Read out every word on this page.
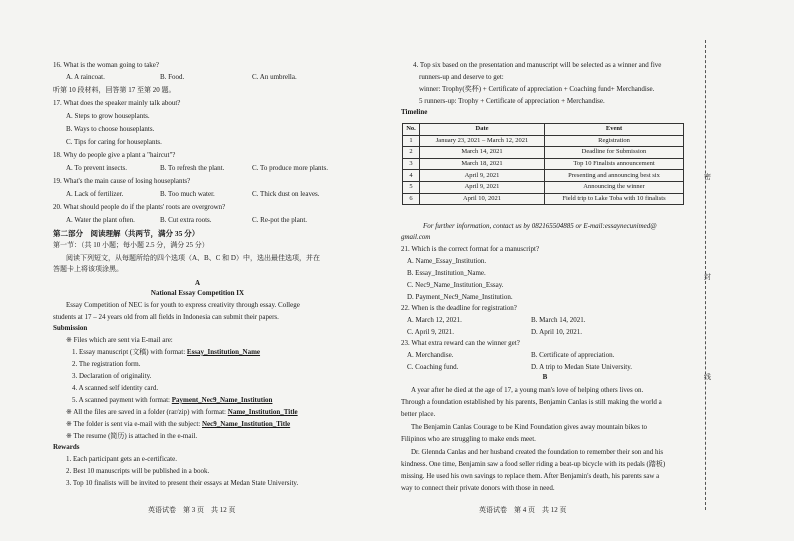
16. What is the woman going to take?
A. A raincoat.	B. Food.	C. An umbrella.
听第 10 段材料，回答第 17 至第 20 题。
17. What does the speaker mainly talk about?
A. Steps to grow houseplants.
B. Ways to choose houseplants.
C. Tips for caring for houseplants.
18. Why do people give a plant a "haircut"?
A. To prevent insects.	B. To refresh the plant.	C. To produce more plants.
19. What's the main cause of losing houseplants?
A. Lack of fertilizer.	B. Too much water.	C. Thick dust on leaves.
20. What should people do if the plants' roots are overgrown?
A. Water the plant often.	B. Cut extra roots.	C. Re-pot the plant.
第二部分　阅读理解（共两节，满分 35 分）
第一节：（共 10 小题；每小题 2.5 分，满分 25 分）
阅读下列短文，从每题所给的四个选项（A、B、C 和 D）中，选出最佳选项，并在
答题卡上将该项涂黑。
A
National Essay Competition IX
Essay Competition of NEC is for youth to express creativity through essay. College
students at 17 – 24 years old from all fields in Indonesia can submit their papers.
Submission
※ Files which are sent via E-mail are:
1. Essay manuscript (文稿) with format: Essay_Institution_Name
2. The registration form.
3. Declaration of originality.
4. A scanned self identity card.
5. A scanned payment with format: Payment_Nec9_Name_Institution
※ All the files are saved in a folder (rar/zip) with format: Name_Institution_Title
※ The folder is sent via e-mail with the subject: Nec9_Name_Institution_Title
※ The resume (简历) is attached in the e-mail.
Rewards
1. Each participant gets an e-certificate.
2. Best 10 manuscripts will be published in a book.
3. Top 10 finalists will be invited to present their essays at Medan State University.
英语试卷　第 3 页　共 12 页
4. Top six based on the presentation and manuscript will be selected as a winner and five
runners-up and deserve to get:
winner: Trophy(奖杯) + Certificate of appreciation + Coaching fund+ Merchandise.
5 runners-up: Trophy + Certificate of appreciation + Merchandise.
Timeline
For further information, contact us by 082165504885 or E-mail:essaynecunimed@
gmail.com
21. Which is the correct format for a manuscript?
A. Name_Essay_Institution.
B. Essay_Institution_Name.
C. Nec9_Name_Institution_Essay.
D. Payment_Nec9_Name_Institution.
22. When is the deadline for registration?
A. March 12, 2021.	B. March 14, 2021.
C. April 9, 2021.	D. April 10, 2021.
23. What extra reward can the winner get?
A. Merchandise.	B. Certificate of appreciation.
C. Coaching fund.	D. A trip to Medan State University.
B
A year after he died at the age of 17, a young man's love of helping others lives on.
Through a foundation established by his parents, Benjamin Canlas is still making the world a
better place.
The Benjamin Canlas Courage to be Kind Foundation gives away mountain bikes to
Filipinos who are struggling to make ends meet.
Dr. Glennda Canlas and her husband created the foundation to remember their son and his
kindness. One time, Benjamin saw a food seller riding a beat-up bicycle with its pedals (踏板)
missing. He used his own savings to replace them. After Benjamin's death, his parents saw a
way to connect their private donors with those in need.
英语试卷　第 4 页　共 12 页
No.	Date	Event
1	January 23, 2021 – March 12, 2021	Registration
2	March 14, 2021	Deadline for Submission
3	March 18, 2021	Top 10 Finalists announcement
4	April 9, 2021	Presenting and announcing best six
5	April 9, 2021	Announcing the winner
6	April 10, 2021	Field trip to Lake Toba with 10 finalists
密
封
线
